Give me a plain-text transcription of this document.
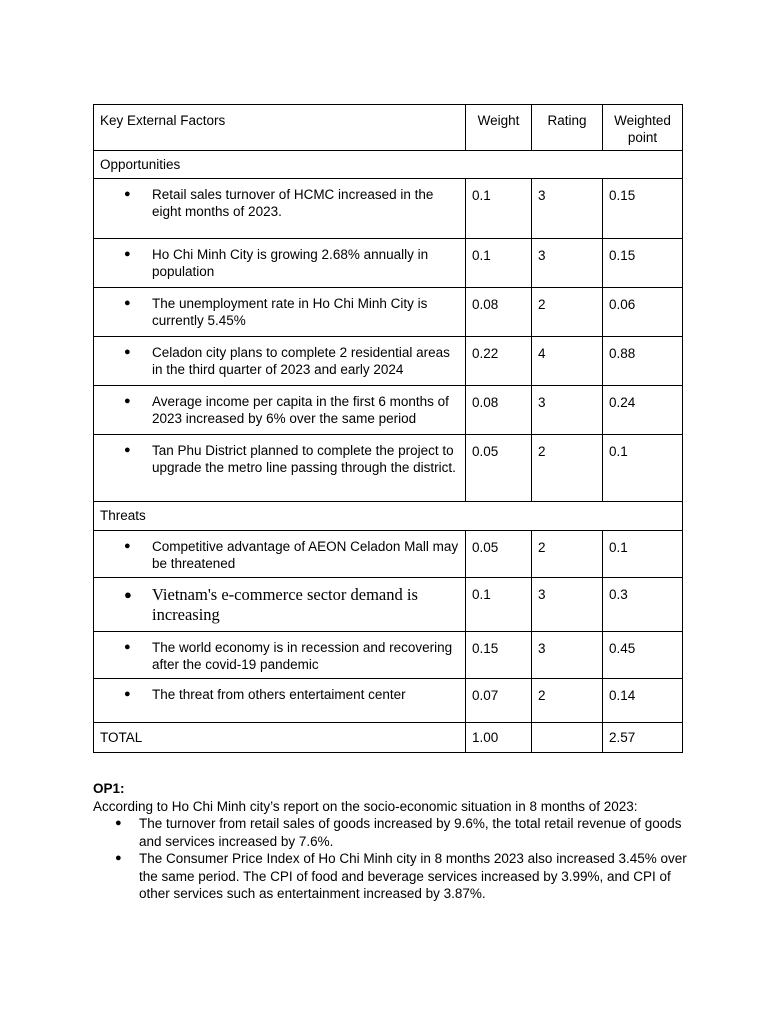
Key External Factors	Weight	Rating	Weighted point
Opportunities			

● Retail sales turnover of HCMC increased in the eight months of 2023.	0.1	3	0.15

● Ho Chi Minh City is growing 2.68% annually in population	0.1	3	0.15

● The unemployment rate in Ho Chi Minh City is currently 5.45%	0.08	2	0.06

● Celadon city plans to complete 2 residential areas in the third quarter of 2023 and early 2024	0.22	4	0.88

● Average income per capita in the first 6 months of 2023 increased by 6% over the same period	0.08	3	0.24

● Tan Phu District planned to complete the project to upgrade the metro line passing through the district.	0.05	2	0.1
Threats			

● Competitive advantage of AEON Celadon Mall may be threatened	0.05	2	0.1

● Vietnam's e-commerce sector demand is increasing	0.1	3	0.3

● The world economy is in recession and recovering after the covid-19 pandemic	0.15	3	0.45

● The threat from others entertaiment center	0.07	2	0.14
TOTAL	1.00		2.57
OP1:
According to Ho Chi Minh city’s report on the socio-economic situation in 8 months of 2023:
●	The turnover from retail sales of goods increased by 9.6%, the total retail revenue of goods and services increased by 7.6%.
●	The Consumer Price Index of Ho Chi Minh city in 8 months 2023 also increased 3.45% over the same period. The CPI of food and beverage services increased by 3.99%, and CPI of other services such as entertainment increased by 3.87%.
